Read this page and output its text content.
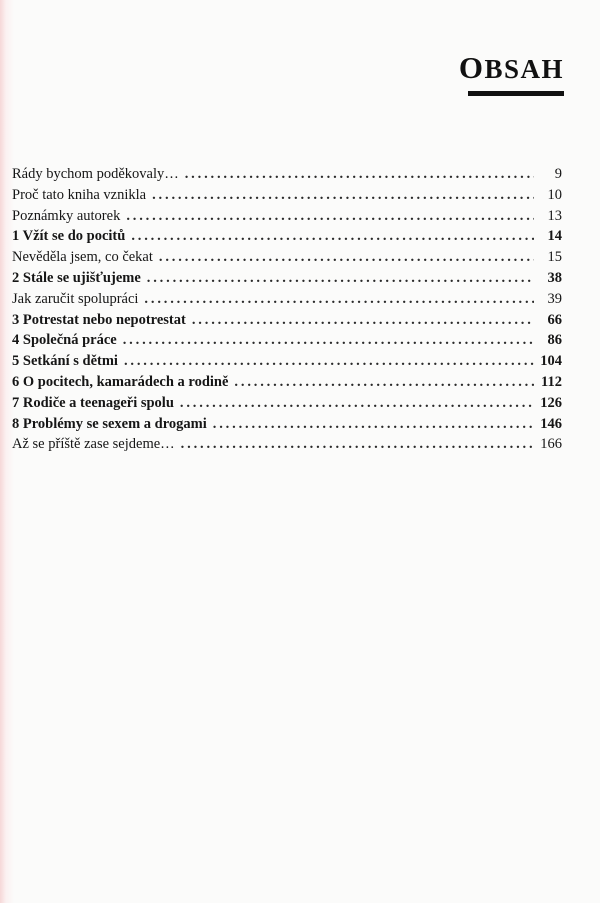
OBSAH
Rády bychom poděkovaly… . . .	9
Proč tato kniha vznikla . . .	10
Poznámky autorek . . .	13
1 Vžít se do pocitů . . .	14
Nevěděla jsem, co čekat . . .	15
2 Stále se ujišťujeme . . .	38
Jak zaručit spolupráci . . .	39
3 Potrestat nebo nepotrestat . . .	66
4 Společná práce . . .	86
5 Setkání s dětmi . . .	104
6 O pocitech, kamarádech a rodině . . .	112
7 Rodiče a teenageři spolu . . .	126
8 Problémy se sexem a drogami . . .	146
Až se příště zase sejdeme… . . .	166
